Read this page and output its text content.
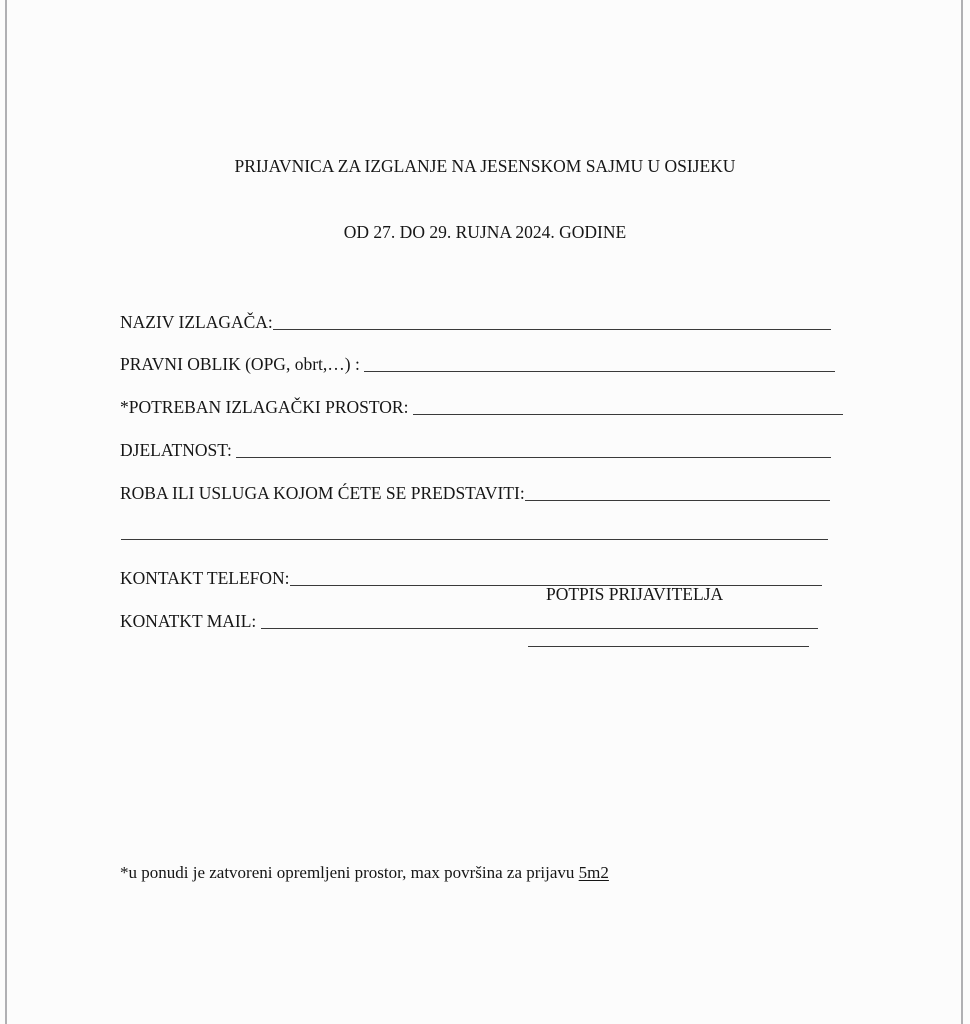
PRIJAVNICA ZA IZGLANJE NA JESENSKOM SAJMU U OSIJEKU

OD 27. DO 29. RUJNA 2024. GODINE

NAZIV IZLAGAČA:
PRAVNI OBLIK (OPG, obrt,…) :
*POTREBAN IZLAGAČKI PROSTOR:
DJELATNOST:
ROBA ILI USLUGA KOJOM ĆETE SE PREDSTAVITI:
KONTAKT TELEFON:
KONATKT MAIL:
POTPIS PRIJAVITELJA
*u ponudi je zatvoreni opremljeni prostor, max površina za prijavu 5m2
